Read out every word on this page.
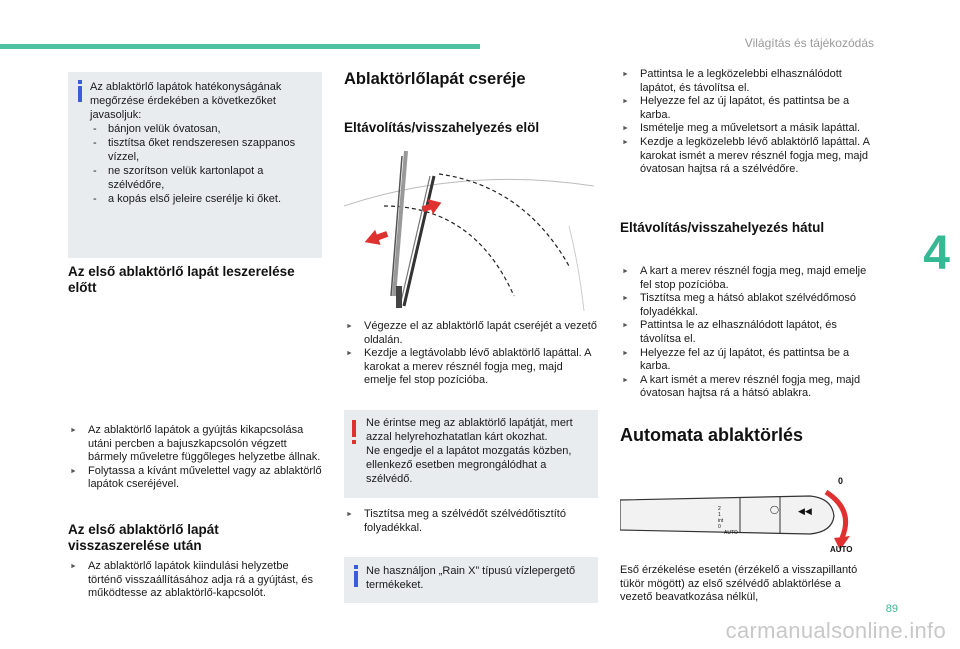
Világítás és tájékozódás
4

Az ablaktörlő lapátok hatékonyságának megőrzése érdekében a következőket javasoljuk:

- bánjon velük óvatosan,
- tisztítsa őket rendszeresen szappanos vízzel,
- ne szorítson velük kartonlapot a szélvédőre,
- a kopás első jeleire cserélje ki őket.
Az első ablaktörlő lapát leszerelése előtt
► Az ablaktörlő lapátok a gyújtás kikapcsolása utáni percben a bajuszkapcsolón végzett bármely műveletre függőleges helyzetbe állnak.
► Folytassa a kívánt művelettel vagy az ablaktörlő lapátok cseréjével.
Az első ablaktörlő lapát visszaszerelése után
► Az ablaktörlő lapátok kiindulási helyzetbe történő visszaállításához adja rá a gyújtást, és működtesse az ablaktörlő-kapcsolót.
Ablaktörlőlapát cseréje
Eltávolítás/visszahelyezés elöl
► Végezze el az ablaktörlő lapát cseréjét a vezető oldalán.
► Kezdje a legtávolabb lévő ablaktörlő lapáttal. A karokat a merev résznél fogja meg, majd emelje fel stop pozícióba.

Ne érintse meg az ablaktörlő lapátját, mert azzal helyrehozhatatlan kárt okozhat.
Ne engedje el a lapátot mozgatás közben, ellenkező esetben megrongálódhat a szélvédő.

► Tisztítsa meg a szélvédőt szélvédőtisztító folyadékkal.

Ne használjon „Rain X” típusú vízlepergető termékeket.

► Pattintsa le a legközelebbi elhasználódott lapátot, és távolítsa el.
► Helyezze fel az új lapátot, és pattintsa be a karba.
► Ismételje meg a műveletsort a másik lapáttal.
► Kezdje a legközelebb lévő ablaktörlő lapáttal. A karokat ismét a merev résznél fogja meg, majd óvatosan hajtsa rá a szélvédőre.
Eltávolítás/visszahelyezés hátul
► A kart a merev résznél fogja meg, majd emelje fel stop pozícióba.
► Tisztítsa meg a hátsó ablakot szélvédőmosó folyadékkal.
► Pattintsa le az elhasználódott lapátot, és távolítsa el.
► Helyezze fel az új lapátot, és pattintsa be a karba.
► A kart ismét a merev résznél fogja meg, majd óvatosan hajtsa rá a hátsó ablakra.
Automata ablaktörlés
2
1
int
0
AUTO
◯ ◀◀
0
AUTO

Eső érzékelése esetén (érzékelő a visszapillantó tükör mögött) az első szélvédő ablaktörlése a vezető beavatkozása nélkül,

89
carmanualsonline.info
